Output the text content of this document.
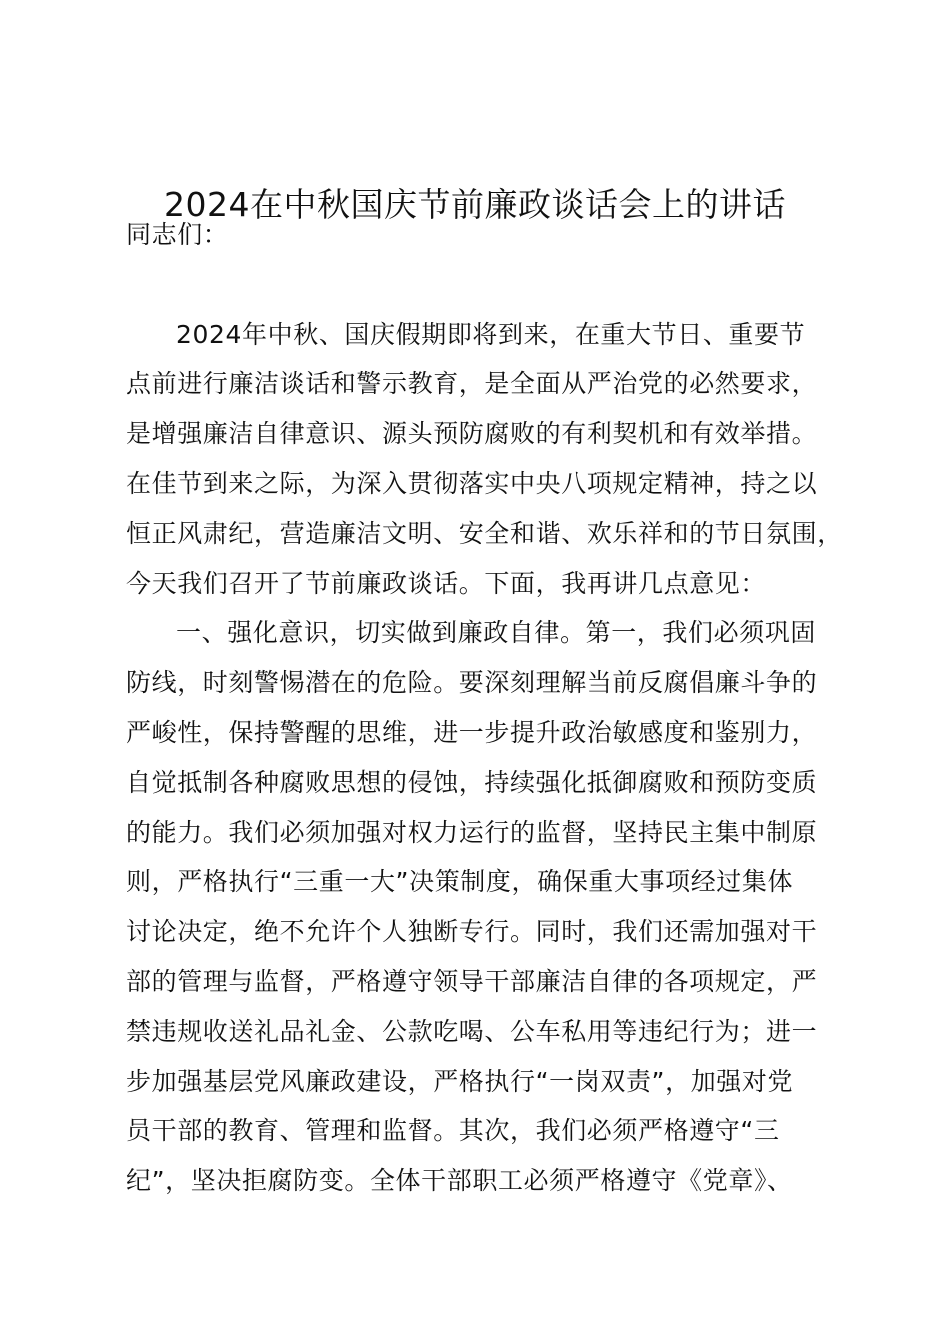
2024在中秋国庆节前廉政谈话会上的讲话
同志们：
2024年中秋、国庆假期即将到来，在重大节日、重要节
点前进行廉洁谈话和警示教育，是全面从严治党的必然要求，
是增强廉洁自律意识、源头预防腐败的有利契机和有效举措。
在佳节到来之际，为深入贯彻落实中央八项规定精神，持之以
恒正风肃纪，营造廉洁文明、安全和谐、欢乐祥和的节日氛围，
今天我们召开了节前廉政谈话。下面，我再讲几点意见：
一、强化意识，切实做到廉政自律。第一，我们必须巩固
防线，时刻警惕潜在的危险。要深刻理解当前反腐倡廉斗争的
严峻性，保持警醒的思维，进一步提升政治敏感度和鉴别力，
自觉抵制各种腐败思想的侵蚀，持续强化抵御腐败和预防变质
的能力。我们必须加强对权力运行的监督，坚持民主集中制原
则，严格执行“三重一大”决策制度，确保重大事项经过集体
讨论决定，绝不允许个人独断专行。同时，我们还需加强对干
部的管理与监督，严格遵守领导干部廉洁自律的各项规定，严
禁违规收送礼品礼金、公款吃喝、公车私用等违纪行为；进一
步加强基层党风廉政建设，严格执行“一岗双责”，加强对党
员干部的教育、管理和监督。其次，我们必须严格遵守“三
纪”，坚决拒腐防变。全体干部职工必须严格遵守《党章》、
